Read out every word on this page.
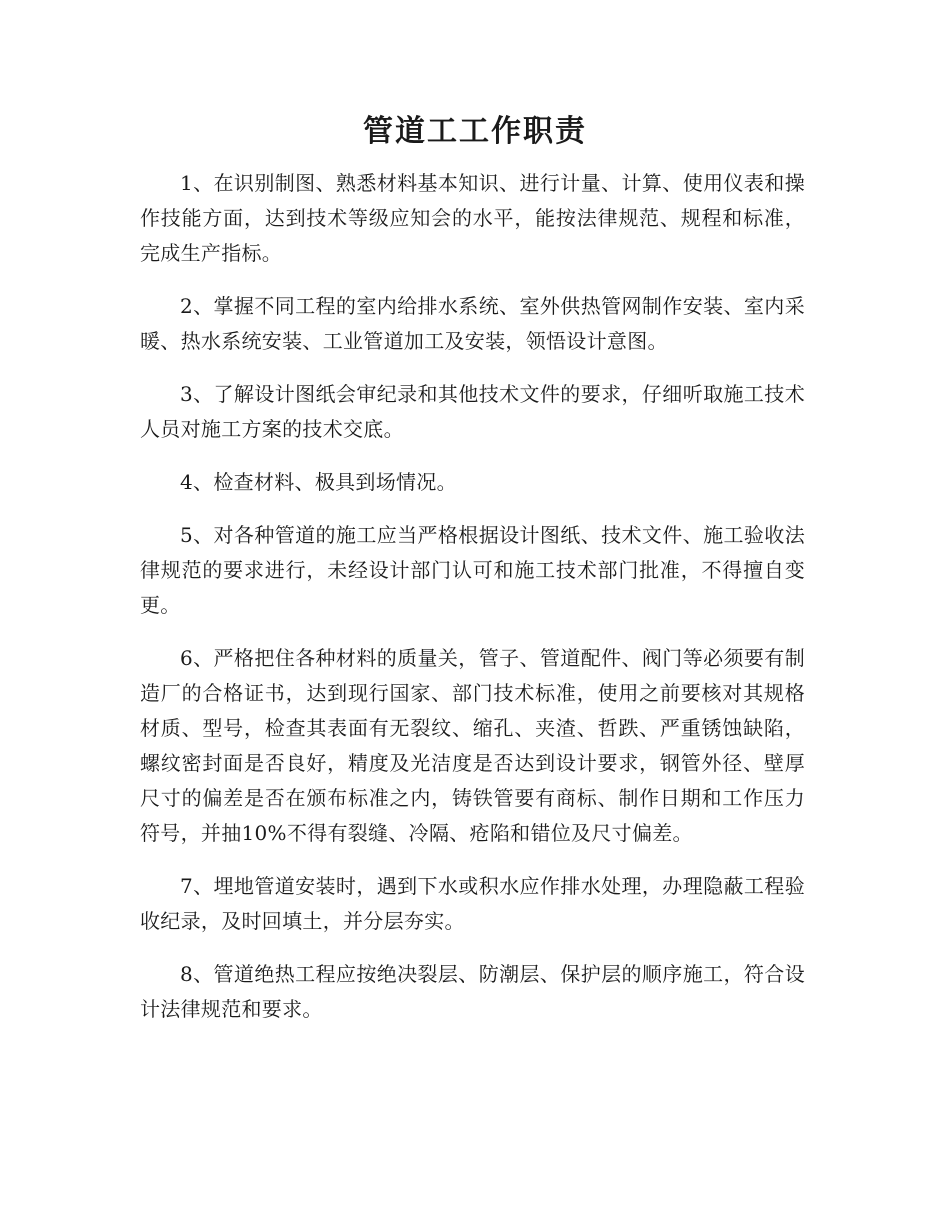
管道工工作职责

1、在识别制图、熟悉材料基本知识、进行计量、计算、使用仪表和操作技能方面，达到技术等级应知会的水平，能按法律规范、规程和标准，完成生产指标。

2、掌握不同工程的室内给排水系统、室外供热管网制作安装、室内采暖、热水系统安装、工业管道加工及安装，领悟设计意图。

3、了解设计图纸会审纪录和其他技术文件的要求，仔细听取施工技术人员对施工方案的技术交底。

4、检查材料、极具到场情况。

5、对各种管道的施工应当严格根据设计图纸、技术文件、施工验收法律规范的要求进行，未经设计部门认可和施工技术部门批准，不得擅自变更。

6、严格把住各种材料的质量关，管子、管道配件、阀门等必须要有制造厂的合格证书，达到现行国家、部门技术标准，使用之前要核对其规格材质、型号，检查其表面有无裂纹、缩孔、夹渣、哲跌、严重锈蚀缺陷，螺纹密封面是否良好，精度及光洁度是否达到设计要求，钢管外径、壁厚尺寸的偏差是否在颁布标准之内，铸铁管要有商标、制作日期和工作压力符号，并抽10%不得有裂缝、冷隔、疮陷和错位及尺寸偏差。

7、埋地管道安装时，遇到下水或积水应作排水处理，办理隐蔽工程验收纪录，及时回填土，并分层夯实。

8、管道绝热工程应按绝决裂层、防潮层、保护层的顺序施工，符合设计法律规范和要求。
